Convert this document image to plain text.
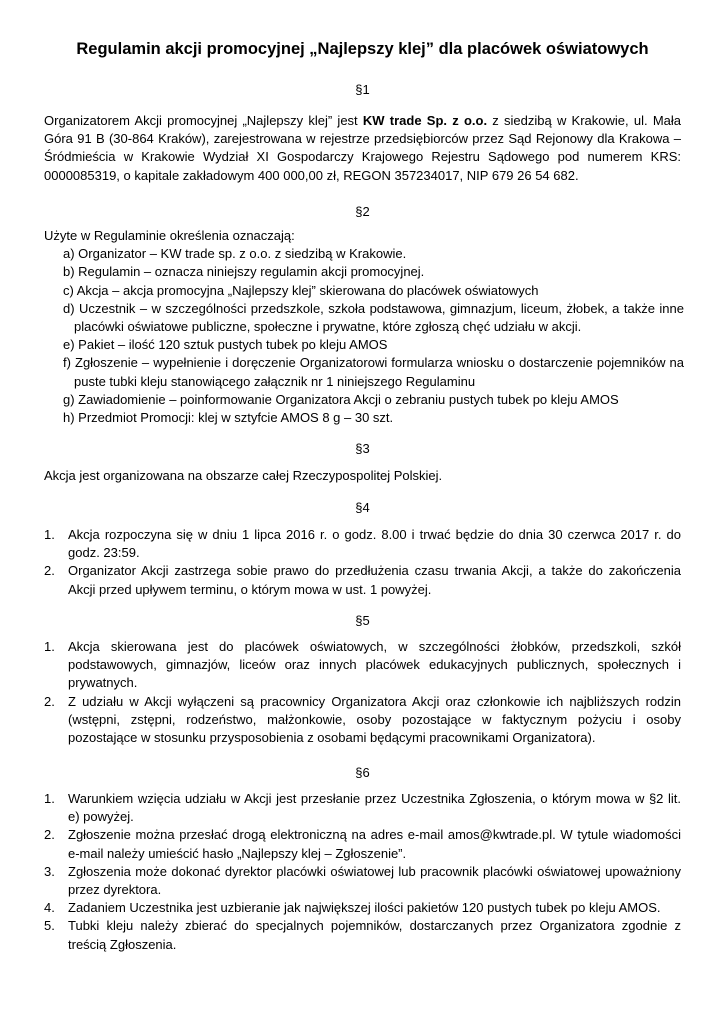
Regulamin akcji promocyjnej „Najlepszy klej” dla placówek oświatowych
§1
Organizatorem Akcji promocyjnej „Najlepszy klej” jest KW trade Sp. z o.o. z siedzibą w Krakowie, ul. Mała Góra 91 B (30-864 Kraków), zarejestrowana w rejestrze przedsiębiorców przez Sąd Rejonowy dla Krakowa – Śródmieścia w Krakowie Wydział XI Gospodarczy Krajowego Rejestru Sądowego pod numerem KRS: 0000085319, o kapitale zakładowym 400 000,00 zł, REGON 357234017, NIP 679 26 54 682.
§2

Użyte w Regulaminie określenia oznaczają:

a) Organizator – KW trade sp. z o.o. z siedzibą w Krakowie.
b) Regulamin – oznacza niniejszy regulamin akcji promocyjnej.
c) Akcja – akcja promocyjna „Najlepszy klej” skierowana do placówek oświatowych
d) Uczestnik – w szczególności przedszkole, szkoła podstawowa, gimnazjum, liceum, żłobek, a także inne placówki oświatowe publiczne, społeczne i prywatne, które zgłoszą chęć udziału w akcji.
e) Pakiet – ilość 120 sztuk pustych tubek po kleju AMOS
f) Zgłoszenie – wypełnienie i doręczenie Organizatorowi formularza wniosku o dostarczenie pojemników na puste tubki kleju stanowiącego załącznik nr 1 niniejszego Regulaminu
g) Zawiadomienie – poinformowanie Organizatora Akcji o zebraniu pustych tubek po kleju AMOS
h) Przedmiot Promocji: klej w sztyfcie AMOS 8 g – 30 szt.
§3
Akcja jest organizowana na obszarze całej Rzeczypospolitej Polskiej.
§4
1. Akcja rozpoczyna się w dniu 1 lipca 2016 r. o godz. 8.00 i trwać będzie do dnia 30 czerwca 2017 r. do godz. 23:59.
2. Organizator Akcji zastrzega sobie prawo do przedłużenia czasu trwania Akcji, a także do zakończenia Akcji przed upływem terminu, o którym mowa w ust. 1 powyżej.
§5
1. Akcja skierowana jest do placówek oświatowych, w szczególności żłobków, przedszkoli, szkół podstawowych, gimnazjów, liceów oraz innych placówek edukacyjnych publicznych, społecznych i prywatnych.
2. Z udziału w Akcji wyłączeni są pracownicy Organizatora Akcji oraz członkowie ich najbliższych rodzin (wstępni, zstępni, rodzeństwo, małżonkowie, osoby pozostające w faktycznym pożyciu i osoby pozostające w stosunku przysposobienia z osobami będącymi pracownikami Organizatora).
§6
1. Warunkiem wzięcia udziału w Akcji jest przesłanie przez Uczestnika Zgłoszenia, o którym mowa w §2 lit. e) powyżej.
2. Zgłoszenie można przesłać drogą elektroniczną na adres e-mail amos@kwtrade.pl. W tytule wiadomości e-mail należy umieścić hasło „Najlepszy klej – Zgłoszenie”.
3. Zgłoszenia może dokonać dyrektor placówki oświatowej lub pracownik placówki oświatowej upoważniony przez dyrektora.
4. Zadaniem Uczestnika jest uzbieranie jak największej ilości pakietów 120 pustych tubek po kleju AMOS.
5. Tubki kleju należy zbierać do specjalnych pojemników, dostarczanych przez Organizatora zgodnie z treścią Zgłoszenia.
